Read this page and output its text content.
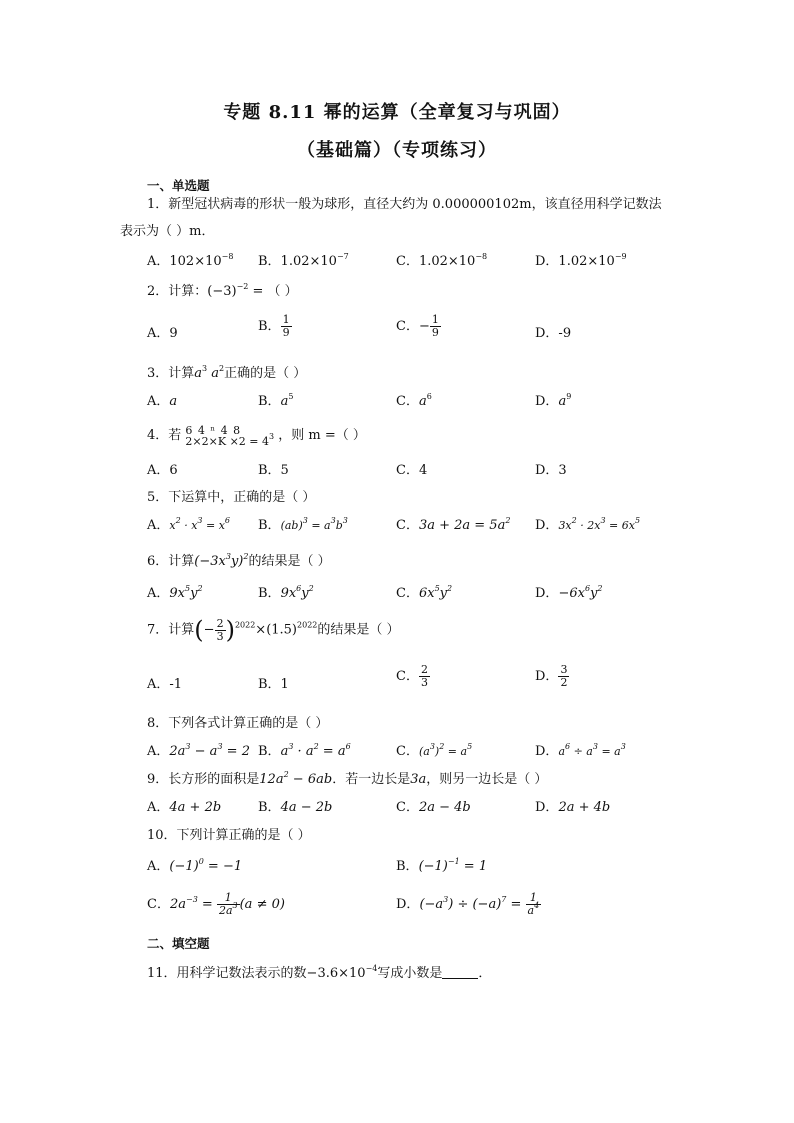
专题 8.11 幂的运算（全章复习与巩固）
（基础篇）（专项练习）
一、单选题
1．新型冠状病毒的形状一般为球形，直径大约为 0.000000102m，该直径用科学记数法
表示为（ ）m．
A．$102\times 10^{-8}$ B．$1.02\times 10^{-7}$	C．$1.02\times 10^{-8}$	D．$1.02\times 10^{-9}$
2．计算：$(-3)^{-2}$ = （ ）
A．9	B． $\frac{1}{9}$	C．− $\frac{1}{9}$	D．-9
3．计算$a^3$ $a^2$正确的是（ ）
A．a	B．$a^5$	C．$a^6$	D．$a^9$
4．若 6 4 ⁿ 4 8
$2\times 2\times K \times 2 = 4^3$ ，则 m =（ ）
A．6	B．5	C．4	D．3
5．下运算中，正确的是（ ）
A．$x^2 \cdot x^3 = x^6$ B．$(ab)^3 = a^3b^3$	C．$3a + 2a = 5a^2$ D．$3x^2 \cdot 2x^3 = 6x^5$
6．计算$(-3x^3y)^2$的结果是（ ）
A．$9x^5y^2$	B．$9x^6y^2$	C．$6x^5y^2$	D．$-6x^6y^2$
7．计算(− $\frac{2}{3} )^{2022}\times(1.5)^{2022}$的结果是（ ）
A．-1	B．1
C． $\frac{2}{3}$	D． $\frac{3}{2}$
8．下列各式计算正确的是（ ）
A．$2a^3 - a^3 = 2$ B．$a^3 \cdot a^2 = a^6$	C．$(a^3)^2 = a^5$	D．$a^6 \div a^3 = a^3$
9．长方形的面积是$12a^2 - 6ab$．若一边长是3a，则另一边长是（ ）
A．4a + 2b	B．4a − 2b	C．2a − 4b	D．2a + 4b
10．下列计算正确的是（ ）
A．$(-1)^0 = -1$	B．$(-1)^{-1} = 1$
C．$2a^{-3} = \frac{1}{2a^3} (a \ne 0)$	D．$(-a^3) \div (-a)^7 = \frac{1}{a^4}$
二、填空题
11．用科学记数法表示的数$-3.6\times 10^{-4}$写成小数是	．
